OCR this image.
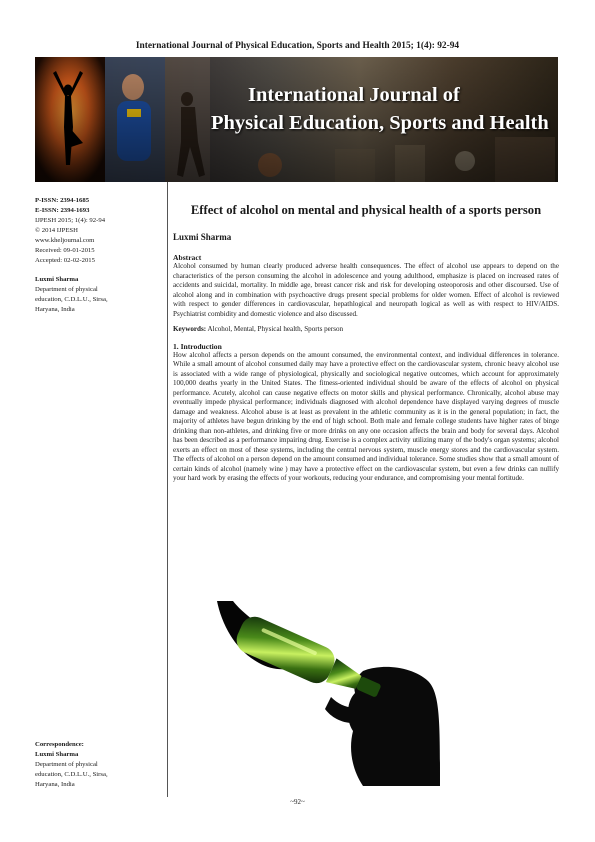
International Journal of Physical Education, Sports and Health 2015; 1(4): 92-94
International Journal of
Physical Education, Sports and Health
P-ISSN: 2394-1685
E-ISSN: 2394-1693
IJPESH 2015; 1(4): 92-94
© 2014 IJPESH
www.kheljournal.com
Received: 09-01-2015
Accepted: 02-02-2015
Luxmi Sharma
Department of physical
education, C.D.L.U., Sirsa,
Haryana, India
Correspondence:
Luxmi Sharma
Department of physical
education, C.D.L.U., Sirsa,
Haryana, India
Effect of alcohol on mental and physical health of a sports person
Luxmi Sharma
Abstract

Alcohol consumed by human clearly produced adverse health consequences. The effect of alcohol use appears to depend on the characteristics of the person consuming the alcohol in adolescence and young adulthood, emphasize is placed on increased rates of accidents and suicidal, mortality. In middle age, breast cancer risk and risk for developing osteoporosis and other discoursed. Use of alcohol along and in combination with psychoactive drugs present special problems for older women. Effect of alcohol is reviewed with respect to gender differences in cardiovascular, hepathlogical and neuropath logical as well as with respect to HIV/AIDS. Psychiatrist combidity and domestic violence and also discussed.

Keywords: Alcohol, Mental, Physical health, Sports person
1. Introduction

How alcohol affects a person depends on the amount consumed, the environmental context, and individual differences in tolerance. While a small amount of alcohol consumed daily may have a protective effect on the cardiovascular system, chronic heavy alcohol use is associated with a wide range of physiological, physically and sociological negative outcomes, which account for approximately 100,000 deaths yearly in the United States. The fitness-oriented individual should be aware of the effects of alcohol on physical performance. Acutely, alcohol can cause negative effects on motor skills and physical performance. Chronically, alcohol abuse may eventually impede physical performance; individuals diagnosed with alcohol dependence have displayed varying degrees of muscle damage and weakness. Alcohol abuse is at least as prevalent in the athletic community as it is in the general population; in fact, the majority of athletes have begun drinking by the end of high school. Both male and female college students have higher rates of binge drinking than non-athletes, and drinking five or more drinks on any one occasion affects the brain and body for several days. Alcohol has been described as a performance impairing drug. Exercise is a complex activity utilizing many of the body's organ systems; alcohol exerts an effect on most of these systems, including the central nervous system, muscle energy stores and the cardiovascular system. The effects of alcohol on a person depend on the amount consumed and individual tolerance. Some studies show that a small amount of certain kinds of alcohol (namely wine ) may have a protective effect on the cardiovascular system, but even a few drinks can nullify your hard work by erasing the effects of your workouts, reducing your endurance, and compromising your mental fortitude.

~92~
